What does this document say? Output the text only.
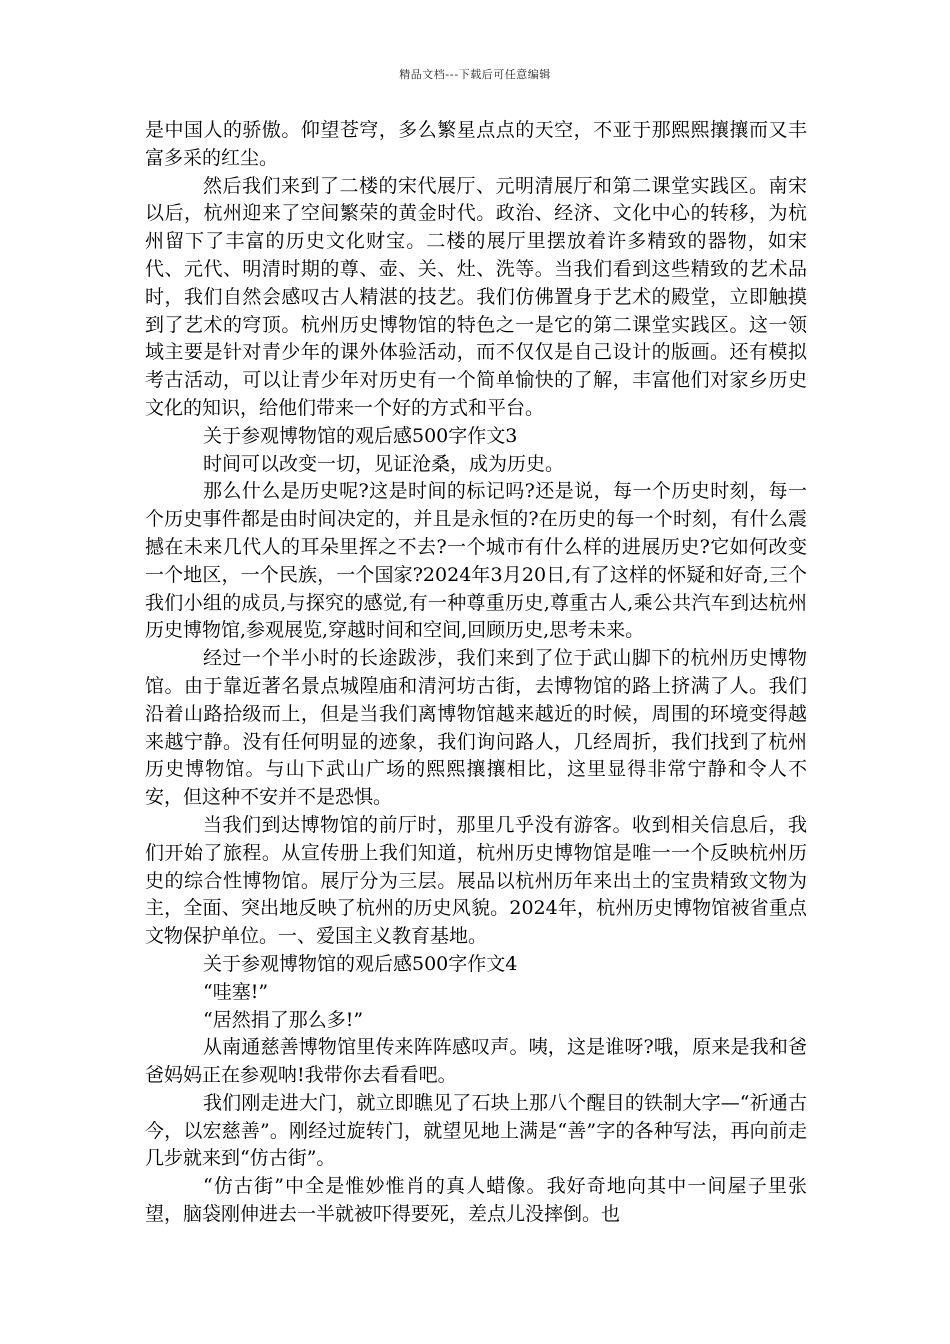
精品文档---下载后可任意编辑

是中国人的骄傲。仰望苍穹，多么繁星点点的天空，不亚于那熙熙攘攘而又丰富多采的红尘。

然后我们来到了二楼的宋代展厅、元明清展厅和第二课堂实践区。南宋以后，杭州迎来了空间繁荣的黄金时代。政治、经济、文化中心的转移，为杭州留下了丰富的历史文化财宝。二楼的展厅里摆放着许多精致的器物，如宋代、元代、明清时期的尊、壶、关、灶、洗等。当我们看到这些精致的艺术品时，我们自然会感叹古人精湛的技艺。我们仿佛置身于艺术的殿堂，立即触摸到了艺术的穹顶。杭州历史博物馆的特色之一是它的第二课堂实践区。这一领域主要是针对青少年的课外体验活动，而不仅仅是自己设计的版画。还有模拟考古活动，可以让青少年对历史有一个简单愉快的了解，丰富他们对家乡历史文化的知识，给他们带来一个好的方式和平台。

关于参观博物馆的观后感500字作文3

时间可以改变一切，见证沧桑，成为历史。

那么什么是历史呢?这是时间的标记吗?还是说，每一个历史时刻，每一个历史事件都是由时间决定的，并且是永恒的?在历史的每一个时刻，有什么震撼在未来几代人的耳朵里挥之不去?一个城市有什么样的进展历史?它如何改变一个地区，一个民族，一个国家?2024年3月20日,有了这样的怀疑和好奇,三个我们小组的成员,与探究的感觉,有一种尊重历史,尊重古人,乘公共汽车到达杭州历史博物馆,参观展览,穿越时间和空间,回顾历史,思考未来。

经过一个半小时的长途跋涉，我们来到了位于武山脚下的杭州历史博物馆。由于靠近著名景点城隍庙和清河坊古街，去博物馆的路上挤满了人。我们沿着山路拾级而上，但是当我们离博物馆越来越近的时候，周围的环境变得越来越宁静。没有任何明显的迹象，我们询问路人，几经周折，我们找到了杭州历史博物馆。与山下武山广场的熙熙攘攘相比，这里显得非常宁静和令人不安，但这种不安并不是恐惧。

当我们到达博物馆的前厅时，那里几乎没有游客。收到相关信息后，我们开始了旅程。从宣传册上我们知道，杭州历史博物馆是唯一一个反映杭州历史的综合性博物馆。展厅分为三层。展品以杭州历年来出土的宝贵精致文物为主，全面、突出地反映了杭州的历史风貌。2024年，杭州历史博物馆被省重点文物保护单位。一、爱国主义教育基地。

关于参观博物馆的观后感500字作文4

“哇塞!”

“居然捐了那么多!”

从南通慈善博物馆里传来阵阵感叹声。咦，这是谁呀?哦，原来是我和爸爸妈妈正在参观呐!我带你去看看吧。

我们刚走进大门，就立即瞧见了石块上那八个醒目的铁制大字—“祈通古今，以宏慈善”。刚经过旋转门，就望见地上满是“善”字的各种写法，再向前走几步就来到“仿古街”。

“仿古街”中全是惟妙惟肖的真人蜡像。我好奇地向其中一间屋子里张望，脑袋刚伸进去一半就被吓得要死，差点儿没摔倒。也
